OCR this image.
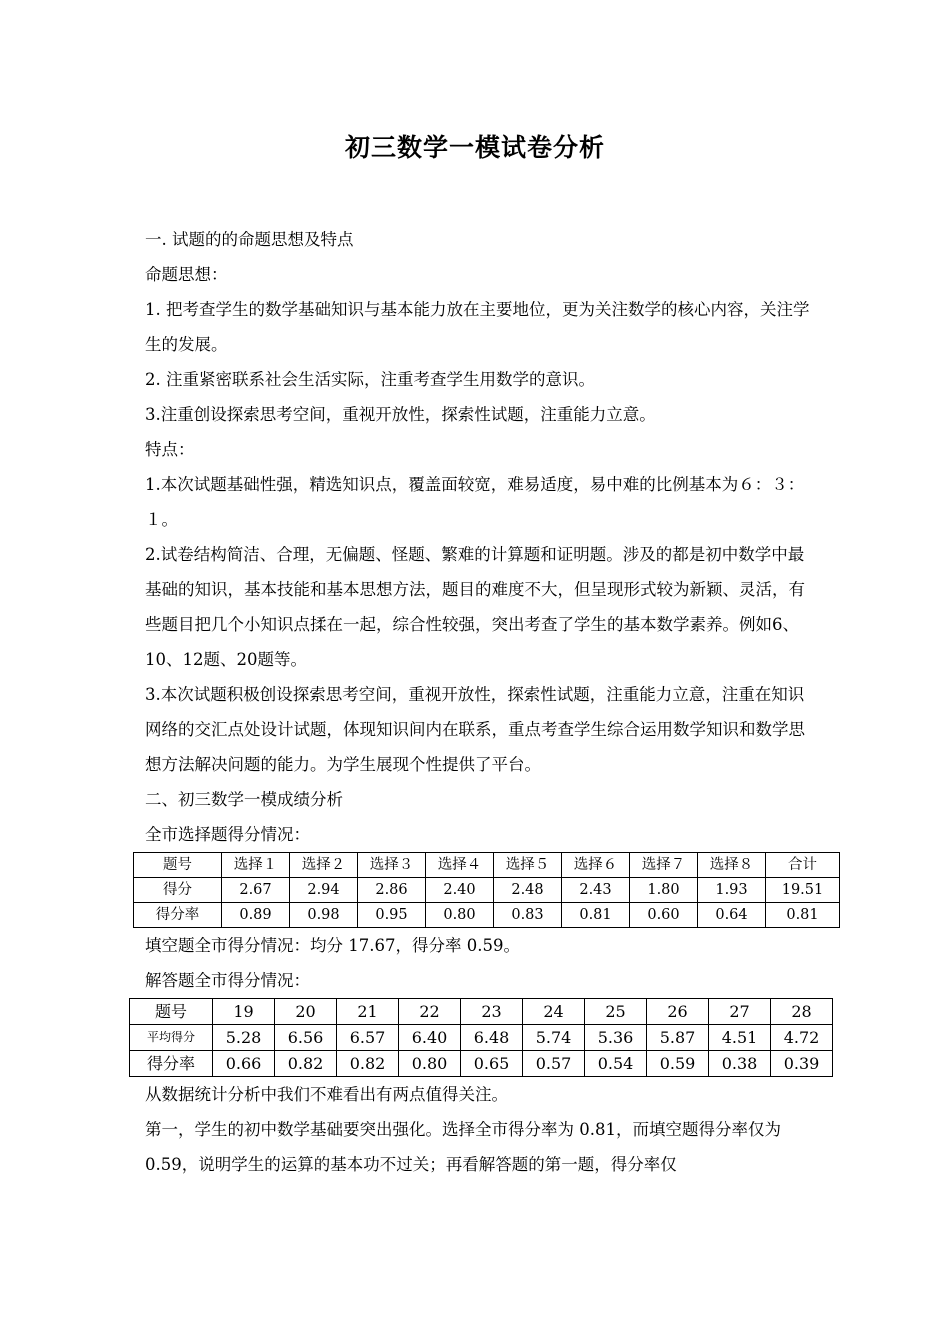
初三数学一模试卷分析

一. 试题的的命题思想及特点

命题思想：

1. 把考查学生的数学基础知识与基本能力放在主要地位，更为关注数学的核心内容，关注学生的发展。

2. 注重紧密联系社会生活实际，注重考查学生用数学的意识。

3.注重创设探索思考空间，重视开放性，探索性试题，注重能力立意。

特点：

1.本次试题基础性强，精选知识点，覆盖面较宽，难易适度，易中难的比例基本为６：３：１。

2.试卷结构简洁、合理，无偏题、怪题、繁难的计算题和证明题。涉及的都是初中数学中最基础的知识，基本技能和基本思想方法，题目的难度不大，但呈现形式较为新颖、灵活，有些题目把几个小知识点揉在一起，综合性较强，突出考查了学生的基本数学素养。例如6、10、12题、20题等。

3.本次试题积极创设探索思考空间，重视开放性，探索性试题，注重能力立意，注重在知识网络的交汇点处设计试题，体现知识间内在联系，重点考查学生综合运用数学知识和数学思想方法解决问题的能力。为学生展现个性提供了平台。

二、初三数学一模成绩分析

全市选择题得分情况：

题号	选择１	选择２	选择３	选择４	选择５	选择６	选择７	选择８	合计
得分	2.67	2.94	2.86	2.40	2.48	2.43	1.80	1.93	19.51
得分率	0.89	0.98	0.95	0.80	0.83	0.81	0.60	0.64	0.81

填空题全市得分情况：均分 17.67，得分率 0.59。

解答题全市得分情况：

题号	19	20	21	22	23	24	25	26	27	28
平均得分	5.28	6.56	6.57	6.40	6.48	5.74	5.36	5.87	4.51	4.72
得分率	0.66	0.82	0.82	0.80	0.65	0.57	0.54	0.59	0.38	0.39

从数据统计分析中我们不难看出有两点值得关注。

第一，学生的初中数学基础要突出强化。选择全市得分率为 0.81，而填空题得分率仅为 0.59，说明学生的运算的基本功不过关；再看解答题的第一题，得分率仅
